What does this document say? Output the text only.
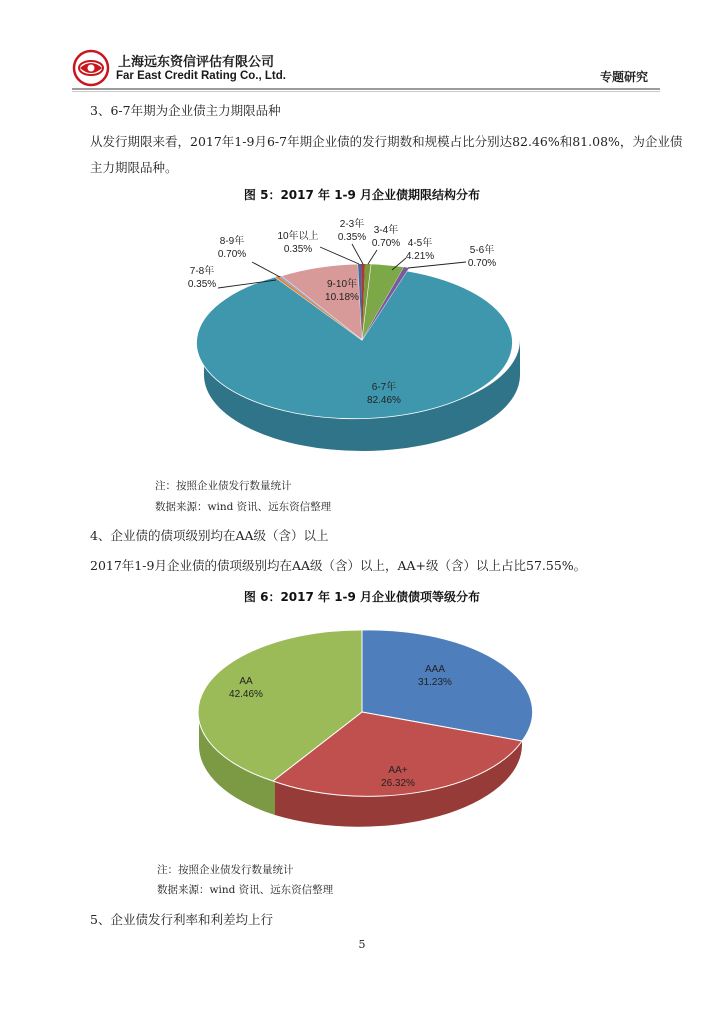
上海远东资信评估有限公司
Far East Credit Rating Co., Ltd.	专题研究
3、6-7年期为企业债主力期限品种
从发行期限来看，2017年1-9月6-7年期企业债的发行期数和规模占比分别达82.46%和81.08%，为企业债
主力期限品种。
图 5：2017 年 1-9 月企业债期限结构分布
2-3年
0.35%
3-4年
0.70% 4-5年
4.21%
5-6年
0.70%
10年以上
0.35%
8-9年
0.70%
7-8年
0.35%	9-10年
10.18%
6-7年
82.46%
注：按照企业债发行数量统计
数据来源：wind 资讯、远东资信整理
4、企业债的债项级别均在AA级（含）以上
2017年1-9月企业债的债项级别均在AA级（含）以上，AA+级（含）以上占比57.55%。
图 6：2017 年 1-9 月企业债债项等级分布
AAA
31.23%
AA+
26.32%
AA
42.46%
注：按照企业债发行数量统计
数据来源：wind 资讯、远东资信整理
5、企业债发行利率和利差均上行
5
